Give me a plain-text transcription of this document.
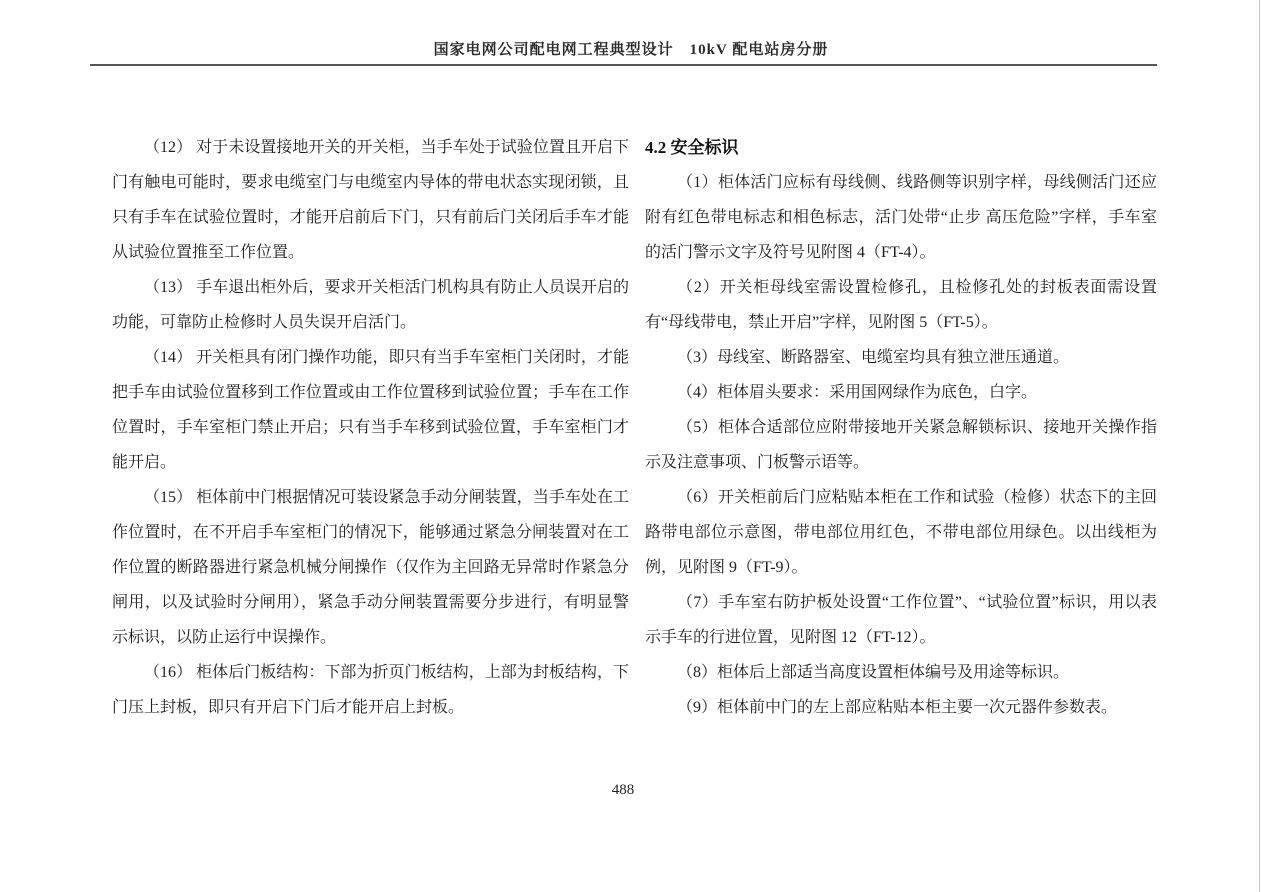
国家电网公司配电网工程典型设计　10kV 配电站房分册

（12） 对于未设置接地开关的开关柜，当手车处于试验位置且开启下门有触电可能时，要求电缆室门与电缆室内导体的带电状态实现闭锁，且只有手车在试验位置时，才能开启前后下门，只有前后门关闭后手车才能从试验位置推至工作位置。

（13） 手车退出柜外后，要求开关柜活门机构具有防止人员误开启的功能，可靠防止检修时人员失误开启活门。

（14） 开关柜具有闭门操作功能，即只有当手车室柜门关闭时，才能把手车由试验位置移到工作位置或由工作位置移到试验位置；手车在工作位置时，手车室柜门禁止开启；只有当手车移到试验位置，手车室柜门才能开启。

（15） 柜体前中门根据情况可装设紧急手动分闸装置，当手车处在工作位置时，在不开启手车室柜门的情况下，能够通过紧急分闸装置对在工作位置的断路器进行紧急机械分闸操作（仅作为主回路无异常时作紧急分闸用，以及试验时分闸用），紧急手动分闸装置需要分步进行，有明显警示标识，以防止运行中误操作。

（16） 柜体后门板结构：下部为折页门板结构，上部为封板结构，下门压上封板，即只有开启下门后才能开启上封板。

4.2 安全标识

（1）柜体活门应标有母线侧、线路侧等识别字样，母线侧活门还应附有红色带电标志和相色标志，活门处带“止步 高压危险”字样，手车室的活门警示文字及符号见附图 4（FT-4）。

（2）开关柜母线室需设置检修孔，且检修孔处的封板表面需设置有“母线带电，禁止开启”字样，见附图 5（FT-5）。

（3）母线室、断路器室、电缆室均具有独立泄压通道。

（4）柜体眉头要求：采用国网绿作为底色，白字。

（5）柜体合适部位应附带接地开关紧急解锁标识、接地开关操作指示及注意事项、门板警示语等。

（6）开关柜前后门应粘贴本柜在工作和试验（检修）状态下的主回路带电部位示意图，带电部位用红色，不带电部位用绿色。以出线柜为例，见附图 9（FT-9）。

（7）手车室右防护板处设置“工作位置”、“试验位置”标识，用以表示手车的行进位置，见附图 12（FT-12）。

（8）柜体后上部适当高度设置柜体编号及用途等标识。

（9）柜体前中门的左上部应粘贴本柜主要一次元器件参数表。

488
